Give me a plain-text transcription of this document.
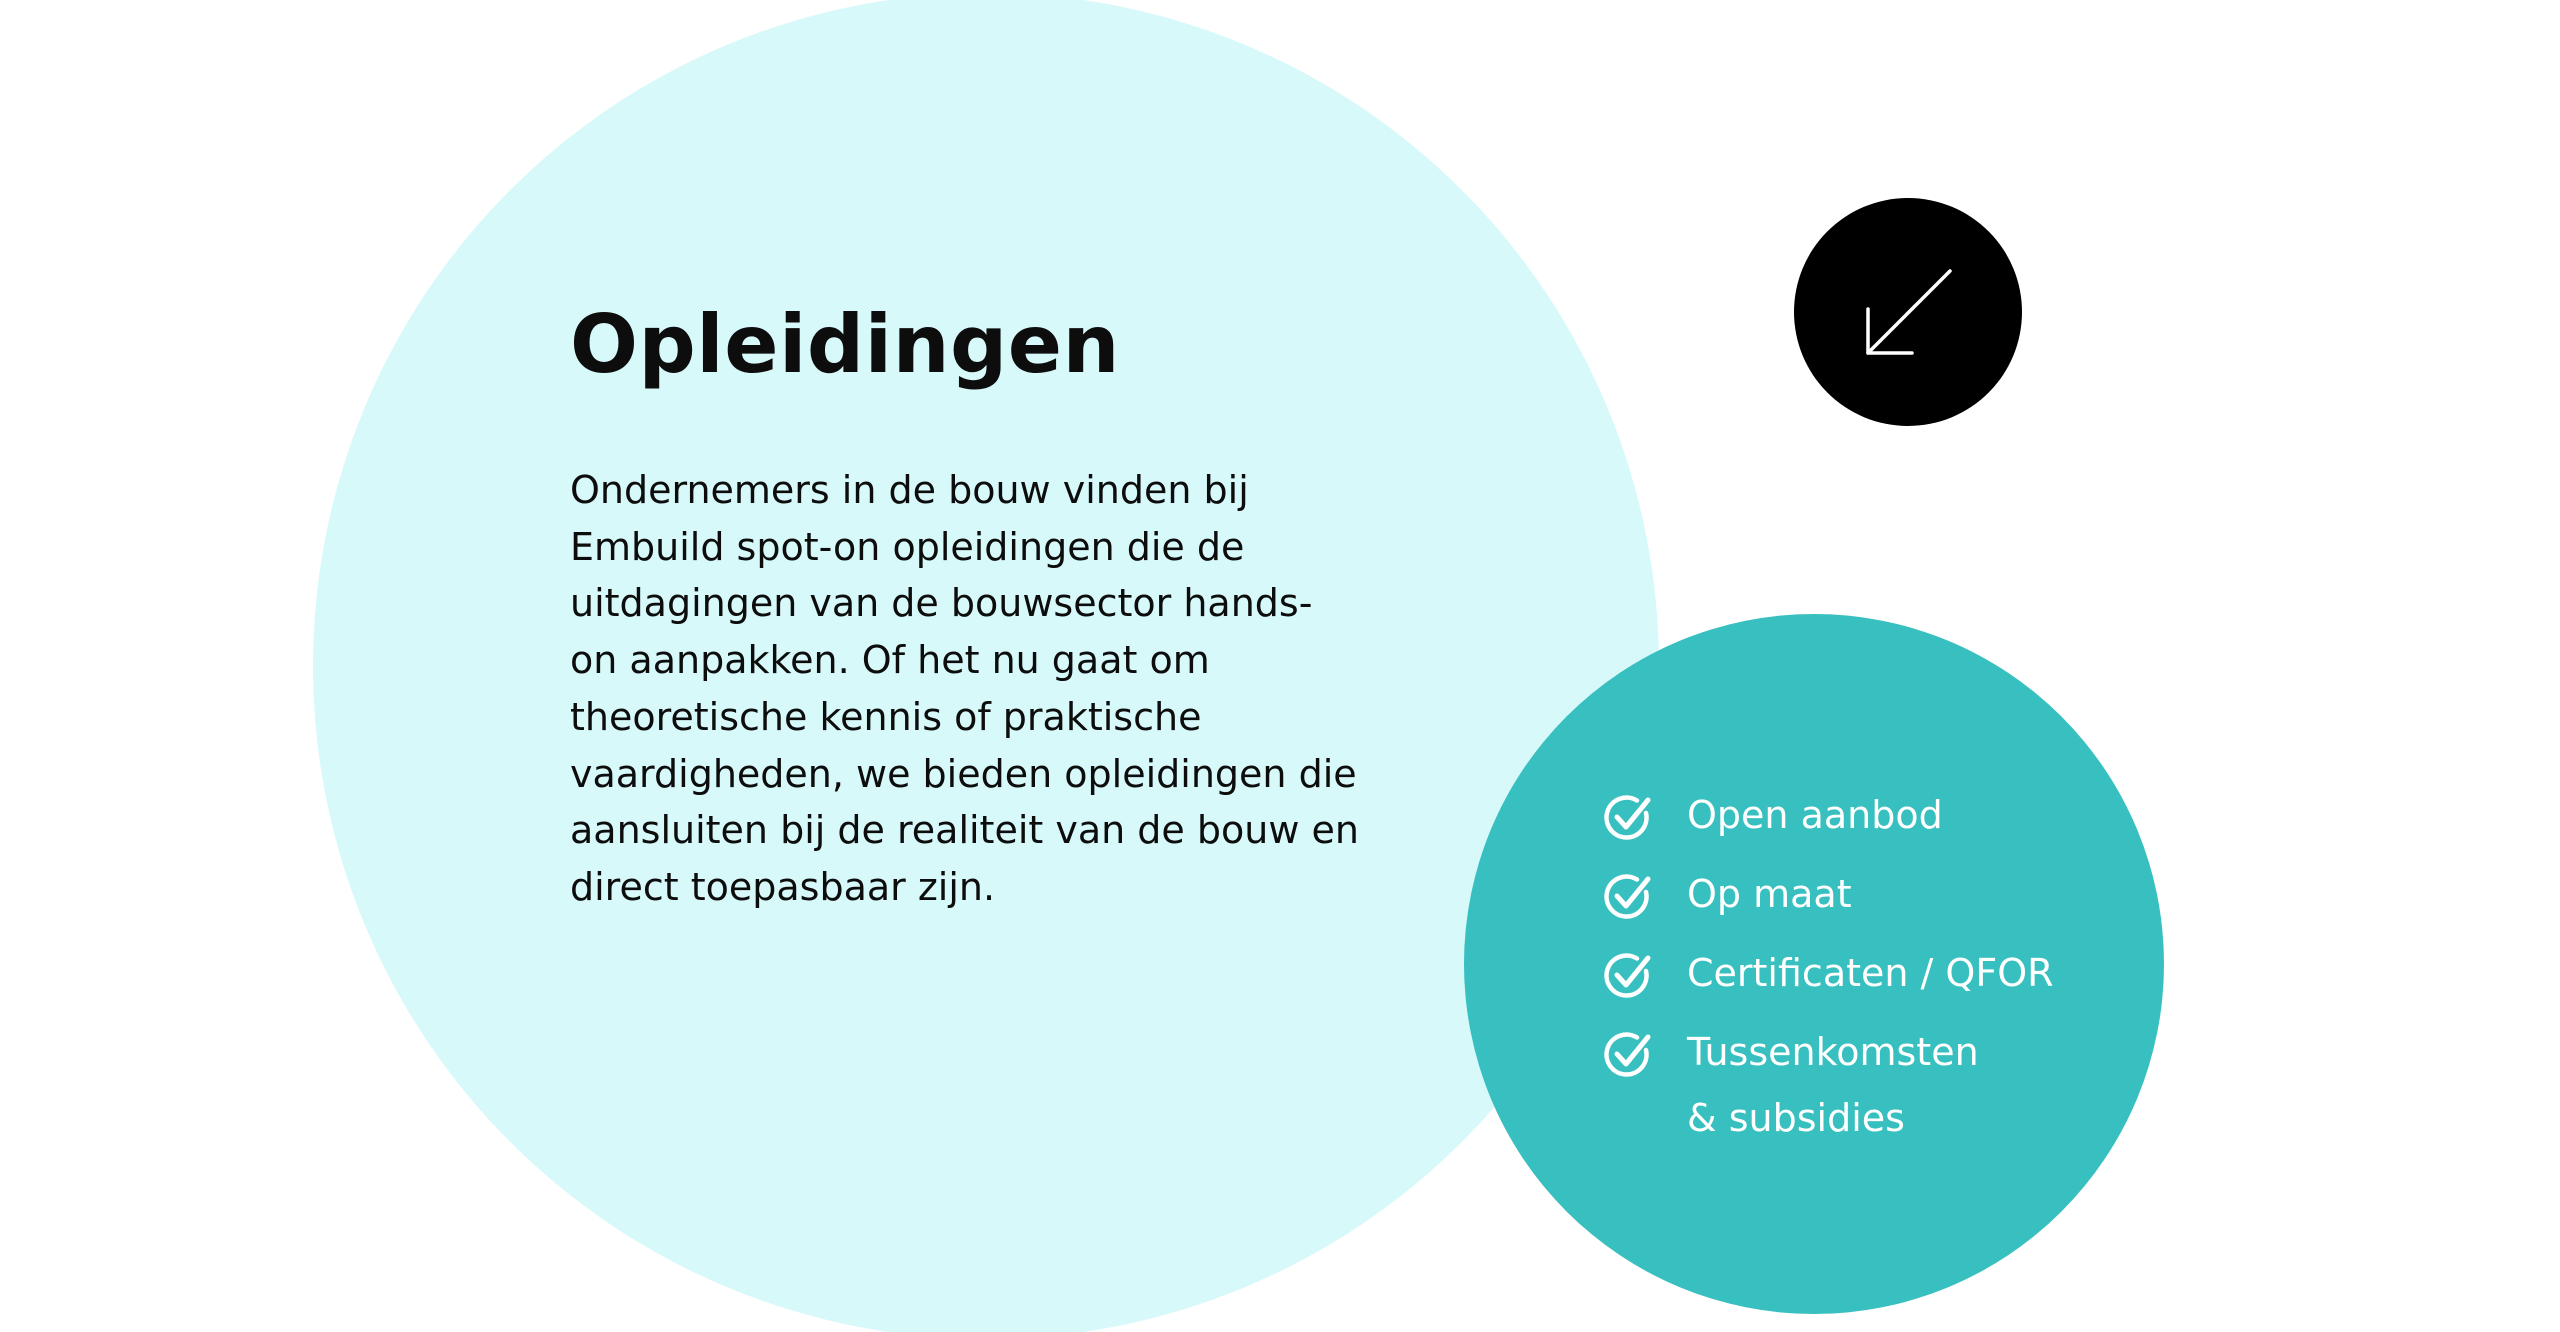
Opleidingen
Ondernemers in de bouw vinden bij
Embuild spot-on opleidingen die de
uitdagingen van de bouwsector hands-
on aanpakken. Of het nu gaat om
theoretische kennis of praktische
vaardigheden, we bieden opleidingen die
aansluiten bij de realiteit van de bouw en
direct toepasbaar zijn.
Open aanbod
Op maat
Certificaten / QFOR
Tussenkomsten
& subsidies
